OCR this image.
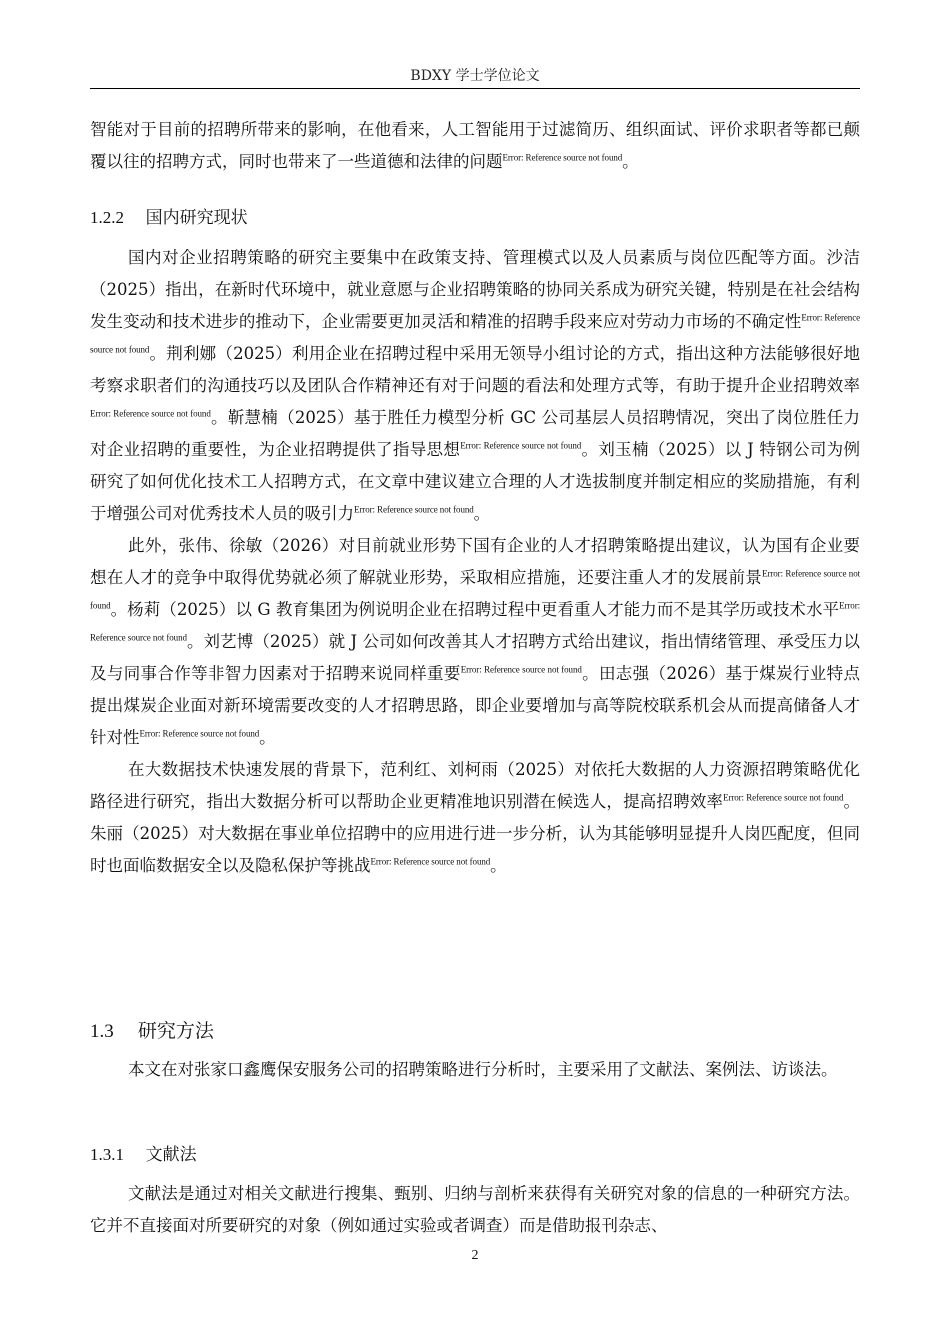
BDXY 学士学位论文

智能对于目前的招聘所带来的影响，在他看来，人工智能用于过滤简历、组织面试、评价求职者等都已颠覆以往的招聘方式，同时也带来了一些道德和法律的问题$^{Error: Reference source not found}$。

1.2.2 国内研究现状

国内对企业招聘策略的研究主要集中在政策支持、管理模式以及人员素质与岗位匹配等方面。沙洁（2025）指出，在新时代环境中，就业意愿与企业招聘策略的协同关系成为研究关键，特别是在社会结构发生变动和技术进步的推动下，企业需要更加灵活和精准的招聘手段来应对劳动力市场的不确定性$^{Error: Reference source not found}$。荆利娜（2025）利用企业在招聘过程中采用无领导小组讨论的方式，指出这种方法能够很好地考察求职者们的沟通技巧以及团队合作精神还有对于问题的看法和处理方式等，有助于提升企业招聘效率$^{Error: Reference source not found}$。靳慧楠（2025）基于胜任力模型分析 GC 公司基层人员招聘情况，突出了岗位胜任力对企业招聘的重要性，为企业招聘提供了指导思想$^{Error: Reference source not found}$。刘玉楠（2025）以 J 特钢公司为例研究了如何优化技术工人招聘方式，在文章中建议建立合理的人才选拔制度并制定相应的奖励措施，有利于增强公司对优秀技术人员的吸引力$^{Error: Reference source not found}$。

此外，张伟、徐敏（2026）对目前就业形势下国有企业的人才招聘策略提出建议，认为国有企业要想在人才的竞争中取得优势就必须了解就业形势，采取相应措施，还要注重人才的发展前景$^{Error: Reference source not found}$。杨莉（2025）以 G 教育集团为例说明企业在招聘过程中更看重人才能力而不是其学历或技术水平$^{Error: Reference source not found}$。刘艺博（2025）就 J 公司如何改善其人才招聘方式给出建议，指出情绪管理、承受压力以及与同事合作等非智力因素对于招聘来说同样重要$^{Error: Reference source not found}$。田志强（2026）基于煤炭行业特点提出煤炭企业面对新环境需要改变的人才招聘思路，即企业要增加与高等院校联系机会从而提高储备人才针对性$^{Error: Reference source not found}$。

在大数据技术快速发展的背景下，范利红、刘柯雨（2025）对依托大数据的人力资源招聘策略优化路径进行研究，指出大数据分析可以帮助企业更精准地识别潜在候选人，提高招聘效率$^{Error: Reference source not found}$。朱丽（2025）对大数据在事业单位招聘中的应用进行进一步分析，认为其能够明显提升人岗匹配度，但同时也面临数据安全以及隐私保护等挑战$^{Error: Reference source not found}$。

1.3 研究方法

本文在对张家口鑫鹰保安服务公司的招聘策略进行分析时，主要采用了文献法、案例法、访谈法。

1.3.1 文献法

文献法是通过对相关文献进行搜集、甄别、归纳与剖析来获得有关研究对象的信息的一种研究方法。它并不直接面对所要研究的对象（例如通过实验或者调查）而是借助报刊杂志、

2
